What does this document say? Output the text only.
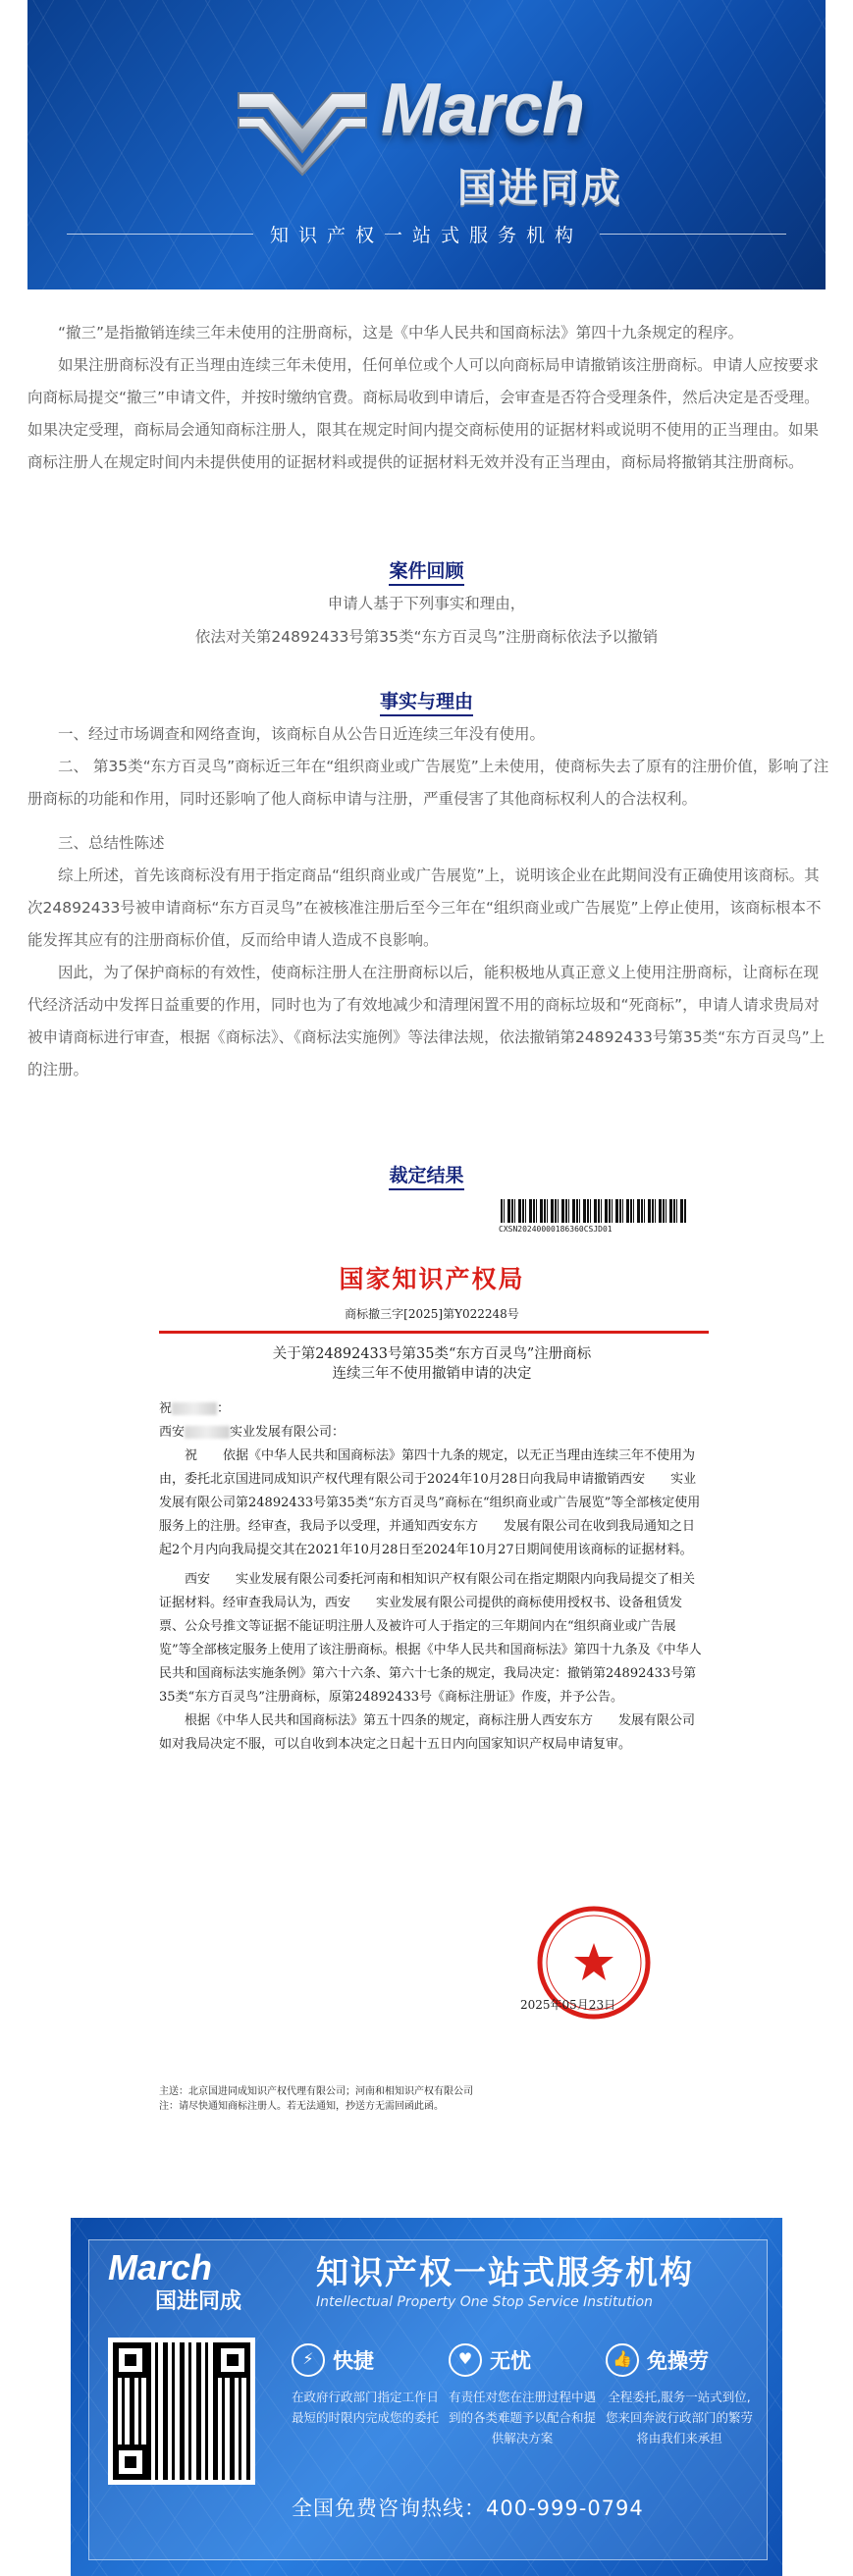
March
国进同成
知识产权一站式服务机构

“撤三”是指撤销连续三年未使用的注册商标，这是《中华人民共和国商标法》第四十九条规定的程序。

如果注册商标没有正当理由连续三年未使用，任何单位或个人可以向商标局申请撤销该注册商标。申请人应按要求向商标局提交“撤三”申请文件，并按时缴纳官费。商标局收到申请后，会审查是否符合受理条件，然后决定是否受理。如果决定受理，商标局会通知商标注册人，限其在规定时间内提交商标使用的证据材料或说明不使用的正当理由。如果商标注册人在规定时间内未提供使用的证据材料或提供的证据材料无效并没有正当理由，商标局将撤销其注册商标。

案件回顾
申请人基于下列事实和理由，
依法对关第24892433号第35类“东方百灵鸟”注册商标依法予以撤销
事实与理由

一、经过市场调查和网络查询，该商标自从公告日近连续三年没有使用。

二、 第35类“东方百灵鸟”商标近三年在“组织商业或广告展览”上未使用，使商标失去了原有的注册价值，影响了注册商标的功能和作用，同时还影响了他人商标申请与注册，严重侵害了其他商标权利人的合法权利。

三、总结性陈述

综上所述，首先该商标没有用于指定商品“组织商业或广告展览”上，说明该企业在此期间没有正确使用该商标。其次24892433号被申请商标“东方百灵鸟”在被核准注册后至今三年在“组织商业或广告展览”上停止使用，该商标根本不能发挥其应有的注册商标价值，反而给申请人造成不良影响。

因此，为了保护商标的有效性，使商标注册人在注册商标以后，能积极地从真正意义上使用注册商标，让商标在现代经济活动中发挥日益重要的作用，同时也为了有效地减少和清理闲置不用的商标垃圾和“死商标”，申请人请求贵局对被申请商标进行审查，根据《商标法》、《商标法实施例》等法律法规，依法撤销第24892433号第35类“东方百灵鸟”上的注册。

裁定结果
CXSN20240000186360CSJD01
国家知识产权局
商标撤三字[2025]第Y022248号
关于第24892433号第35类“东方百灵鸟”注册商标
连续三年不使用撤销申请的决定

祝	：

西安	实业发展有限公司：

祝　　依据《中华人民共和国商标法》第四十九条的规定，以无正当理由连续三年不使用为由，委托北京国进同成知识产权代理有限公司于2024年10月28日向我局申请撤销西安　　实业发展有限公司第24892433号第35类“东方百灵鸟”商标在“组织商业或广告展览”等全部核定使用服务上的注册。经审查，我局予以受理，并通知西安东方　　发展有限公司在收到我局通知之日起2个月内向我局提交其在2021年10月28日至2024年10月27日期间使用该商标的证据材料。

西安　　实业发展有限公司委托河南和相知识产权有限公司在指定期限内向我局提交了相关证据材料。经审查我局认为，西安　　实业发展有限公司提供的商标使用授权书、设备租赁发票、公众号推文等证据不能证明注册人及被许可人于指定的三年期间内在“组织商业或广告展览”等全部核定服务上使用了该注册商标。根据《中华人民共和国商标法》第四十九条及《中华人民共和国商标法实施条例》第六十六条、第六十七条的规定，我局决定：撤销第24892433号第35类“东方百灵鸟”注册商标，原第24892433号《商标注册证》作废，并予公告。

根据《中华人民共和国商标法》第五十四条的规定，商标注册人西安东方　　发展有限公司如对我局决定不服，可以自收到本决定之日起十五日内向国家知识产权局申请复审。

2025年05月23日
主送：北京国进同成知识产权代理有限公司；河南和相知识产权有限公司
注：请尽快通知商标注册人。若无法通知，抄送方无需回函此函。
March
国进同成
知识产权一站式服务机构
Intellectual Property One Stop Service Institution
⚡ 快捷
在政府行政部门指定工作日最短的时限内完成您的委托
♥ 无忧
有责任对您在注册过程中遇到的各类难题予以配合和提供解决方案
👍 免操劳
全程委托,服务一站式到位,您来回奔波行政部门的繁劳将由我们来承担
全国免费咨询热线：400-999-0794
